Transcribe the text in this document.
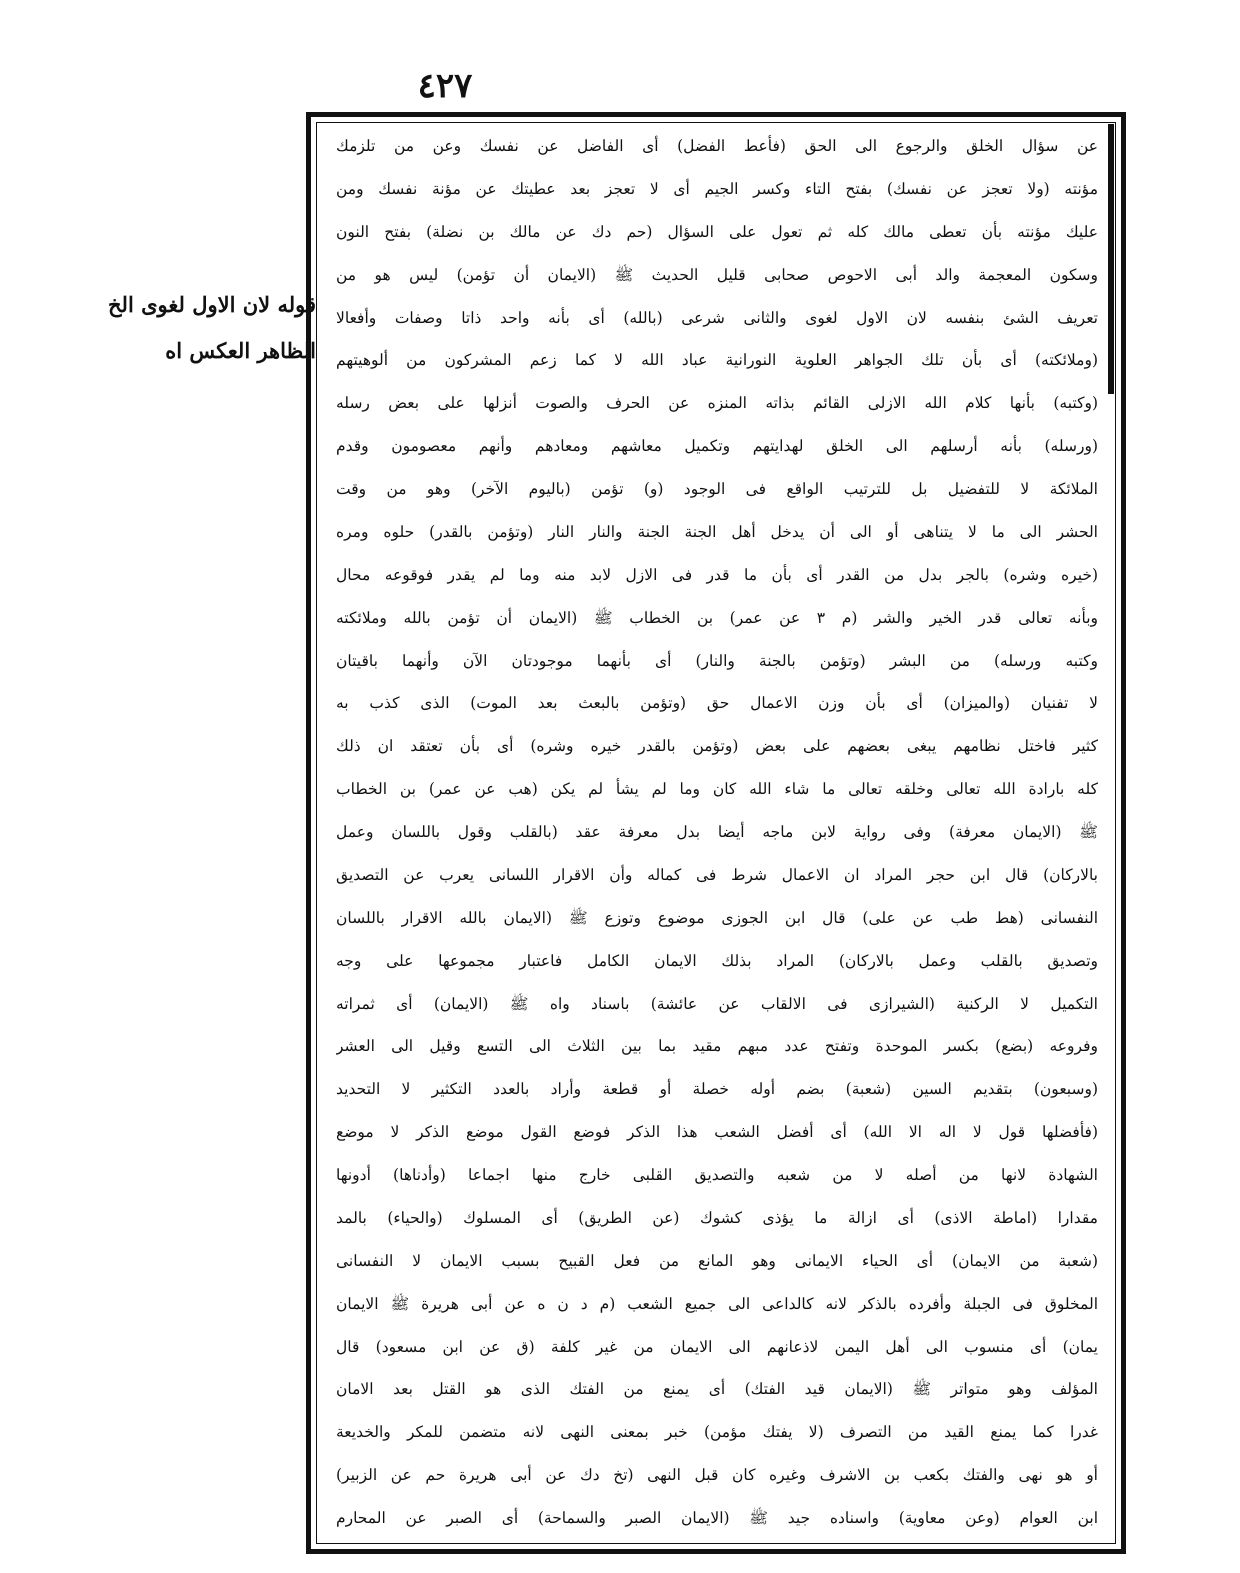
٤٢٧
قوله لان الاول لغوى الخ
الظاهر العكس اه
عن سؤال الخلق والرجوع الى الحق (فأعط الفضل) أى الفاضل عن نفسك وعن من تلزمك
مؤنته (ولا تعجز عن نفسك) بفتح التاء وكسر الجيم أى لا تعجز بعد عطيتك عن مؤنة نفسك ومن
عليك مؤنته بأن تعطى مالك كله ثم تعول على السؤال (حم دك عن مالك بن نضلة) بفتح النون
وسكون المعجمة والد أبى الاحوص صحابى قليل الحديث ﷺ (الايمان أن تؤمن) ليس هو من
تعريف الشئ بنفسه لان الاول لغوى والثانى شرعى (بالله) أى بأنه واحد ذاتا وصفات وأفعالا
(وملائكته) أى بأن تلك الجواهر العلوية النورانية عباد الله لا كما زعم المشركون من ألوهيتهم
(وكتبه) بأنها كلام الله الازلى القائم بذاته المنزه عن الحرف والصوت أنزلها على بعض رسله
(ورسله) بأنه أرسلهم الى الخلق لهدايتهم وتكميل معاشهم ومعادهم وأنهم معصومون وقدم
الملائكة لا للتفضيل بل للترتيب الواقع فى الوجود (و) تؤمن (باليوم الآخر) وهو من وقت
الحشر الى ما لا يتناهى أو الى أن يدخل أهل الجنة الجنة والنار النار (وتؤمن بالقدر) حلوه ومره
(خيره وشره) بالجر بدل من القدر أى بأن ما قدر فى الازل لابد منه وما لم يقدر فوقوعه محال
وبأنه تعالى قدر الخير والشر (م ٣ عن عمر) بن الخطاب ﷺ (الايمان أن تؤمن بالله وملائكته
وكتبه ورسله) من البشر (وتؤمن بالجنة والنار) أى بأنهما موجودتان الآن وأنهما باقيتان
لا تفنيان (والميزان) أى بأن وزن الاعمال حق (وتؤمن بالبعث بعد الموت) الذى كذب به
كثير فاختل نظامهم يبغى بعضهم على بعض (وتؤمن بالقدر خيره وشره) أى بأن تعتقد ان ذلك
كله بارادة الله تعالى وخلقه تعالى ما شاء الله كان وما لم يشأ لم يكن (هب عن عمر) بن الخطاب
ﷺ (الايمان معرفة) وفى رواية لابن ماجه أيضا بدل معرفة عقد (بالقلب وقول باللسان وعمل
بالاركان) قال ابن حجر المراد ان الاعمال شرط فى كماله وأن الاقرار اللسانى يعرب عن التصديق
النفسانى (هط طب عن على) قال ابن الجوزى موضوع وتوزع ﷺ (الايمان بالله الاقرار باللسان
وتصديق بالقلب وعمل بالاركان) المراد بذلك الايمان الكامل فاعتبار مجموعها على وجه
التكميل لا الركنية (الشيرازى فى الالقاب عن عائشة) باسناد واه ﷺ (الايمان) أى ثمراته
وفروعه (بضع) بكسر الموحدة وتفتح عدد مبهم مقيد بما بين الثلاث الى التسع وقيل الى العشر
(وسبعون) بتقديم السين (شعبة) بضم أوله خصلة أو قطعة وأراد بالعدد التكثير لا التحديد
(فأفضلها قول لا اله الا الله) أى أفضل الشعب هذا الذكر فوضع القول موضع الذكر لا موضع
الشهادة لانها من أصله لا من شعبه والتصديق القلبى خارج منها اجماعا (وأدناها) أدونها
مقدارا (اماطة الاذى) أى ازالة ما يؤذى كشوك (عن الطريق) أى المسلوك (والحياء) بالمد
(شعبة من الايمان) أى الحياء الايمانى وهو المانع من فعل القبيح بسبب الايمان لا النفسانى
المخلوق فى الجبلة وأفرده بالذكر لانه كالداعى الى جميع الشعب (م د ن ه عن أبى هريرة ﷺ الايمان
يمان) أى منسوب الى أهل اليمن لاذعانهم الى الايمان من غير كلفة (ق عن ابن مسعود) قال
المؤلف وهو متواتر ﷺ (الايمان قيد الفتك) أى يمنع من الفتك الذى هو القتل بعد الامان
غدرا كما يمنع القيد من التصرف (لا يفتك مؤمن) خبر بمعنى النهى لانه متضمن للمكر والخديعة
أو هو نهى والفتك بكعب بن الاشرف وغيره كان قبل النهى (تخ دك عن أبى هريرة حم عن الزبير)
ابن العوام (وعن معاوية) واسناده جيد ﷺ (الايمان الصبر والسماحة) أى الصبر عن المحارم
